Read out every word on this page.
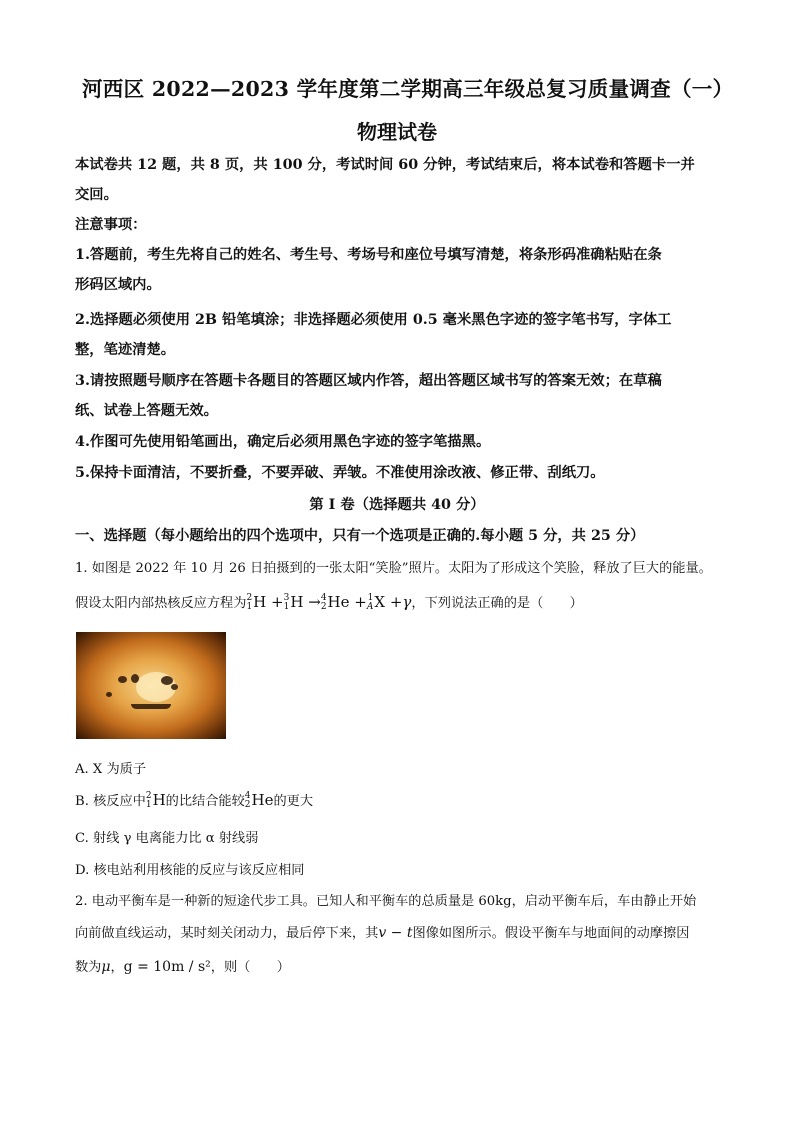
河西区 2022—2023 学年度第二学期高三年级总复习质量调查（一）
物理试卷
本试卷共 12 题，共 8 页，共 100 分，考试时间 60 分钟，考试结束后，将本试卷和答题卡一并
交回。
注意事项：
1.答题前，考生先将自己的姓名、考生号、考场号和座位号填写清楚，将条形码准确粘贴在条
形码区域内。
2.选择题必须使用 2B 铅笔填涂；非选择题必须使用 0.5 毫米黑色字迹的签字笔书写，字体工
整，笔迹清楚。
3.请按照题号顺序在答题卡各题目的答题区域内作答，超出答题区域书写的答案无效；在草稿
纸、试卷上答题无效。
4.作图可先使用铅笔画出，确定后必须用黑色字迹的签字笔描黑。
5.保持卡面清洁，不要折叠，不要弄破、弄皱。不准使用涂改液、修正带、刮纸刀。
第 I 卷（选择题共 40 分）
一、选择题（每小题给出的四个选项中，只有一个选项是正确的.每小题 5 分，共 25 分）
1. 如图是 2022 年 10 月 26 日拍摄到的一张太阳“笑脸”照片。太阳为了形成这个笑脸，释放了巨大的能量。
假设太阳内部热核反应方程为 2
1 H + 3
1 H → 4
2 He + 1
A X +γ，下列说法正确的是（　　）
A. X 为质子
B. 核反应中 2
1 H的比结合能较 4
2 He的更大
C. 射线 γ 电离能力比 α 射线弱
D. 核电站利用核能的反应与该反应相同
2. 电动平衡车是一种新的短途代步工具。已知人和平衡车的总质量是 60kg，启动平衡车后，车由静止开始
向前做直线运动，某时刻关闭动力，最后停下来，其v − t图像如图所示。假设平衡车与地面间的动摩擦因
数为μ，g = 10m / s²，则（　　）
